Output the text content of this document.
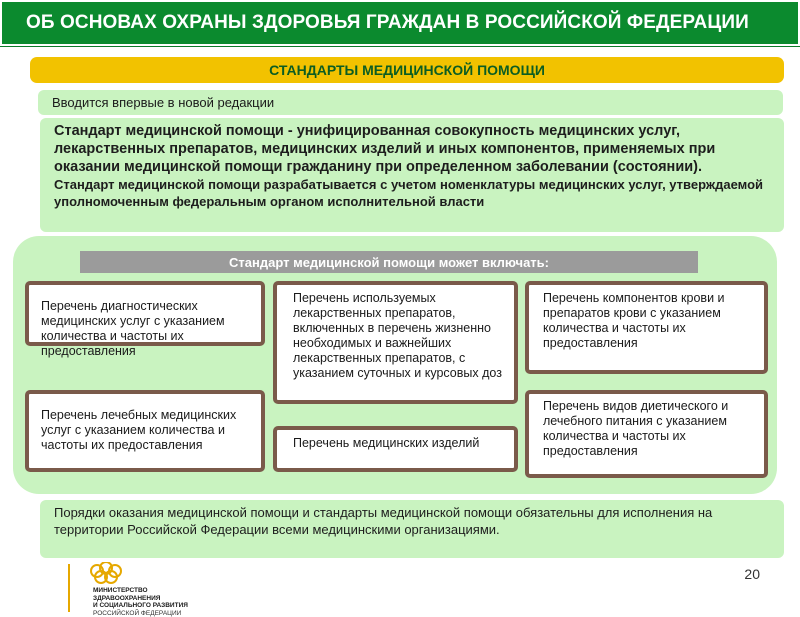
ОБ ОСНОВАХ ОХРАНЫ ЗДОРОВЬЯ ГРАЖДАН В РОССИЙСКОЙ ФЕДЕРАЦИИ
СТАНДАРТЫ МЕДИЦИНСКОЙ ПОМОЩИ
Вводится впервые в новой редакции
Стандарт медицинской помощи - унифицированная совокупность медицинских услуг, лекарственных препаратов, медицинских изделий и иных компонентов, применяемых при оказании медицинской помощи гражданину при определенном заболевании (состоянии).
Стандарт медицинской помощи разрабатывается с учетом номенклатуры медицинских услуг, утверждаемой уполномоченным федеральным органом исполнительной власти
Стандарт медицинской помощи может включать:
Перечень диагностических медицинских услуг с указанием количества и частоты их предоставления
Перечень используемых лекарственных препаратов, включенных в перечень жизненно необходимых и важнейших лекарственных препаратов, с указанием суточных и курсовых доз
Перечень компонентов крови и препаратов крови с указанием количества и частоты их предоставления
Перечень лечебных медицинских услуг с указанием количества и частоты их предоставления	Перечень медицинских изделий
Перечень видов диетического и лечебного питания с указанием количества и частоты их предоставления
Порядки оказания медицинской помощи и стандарты медицинской помощи обязательны для исполнения на территории Российской Федерации всеми медицинскими организациями.
МИНИСТЕРСТВО
ЗДРАВООХРАНЕНИЯ
И СОЦИАЛЬНОГО РАЗВИТИЯ
РОССИЙСКОЙ ФЕДЕРАЦИИ
20
